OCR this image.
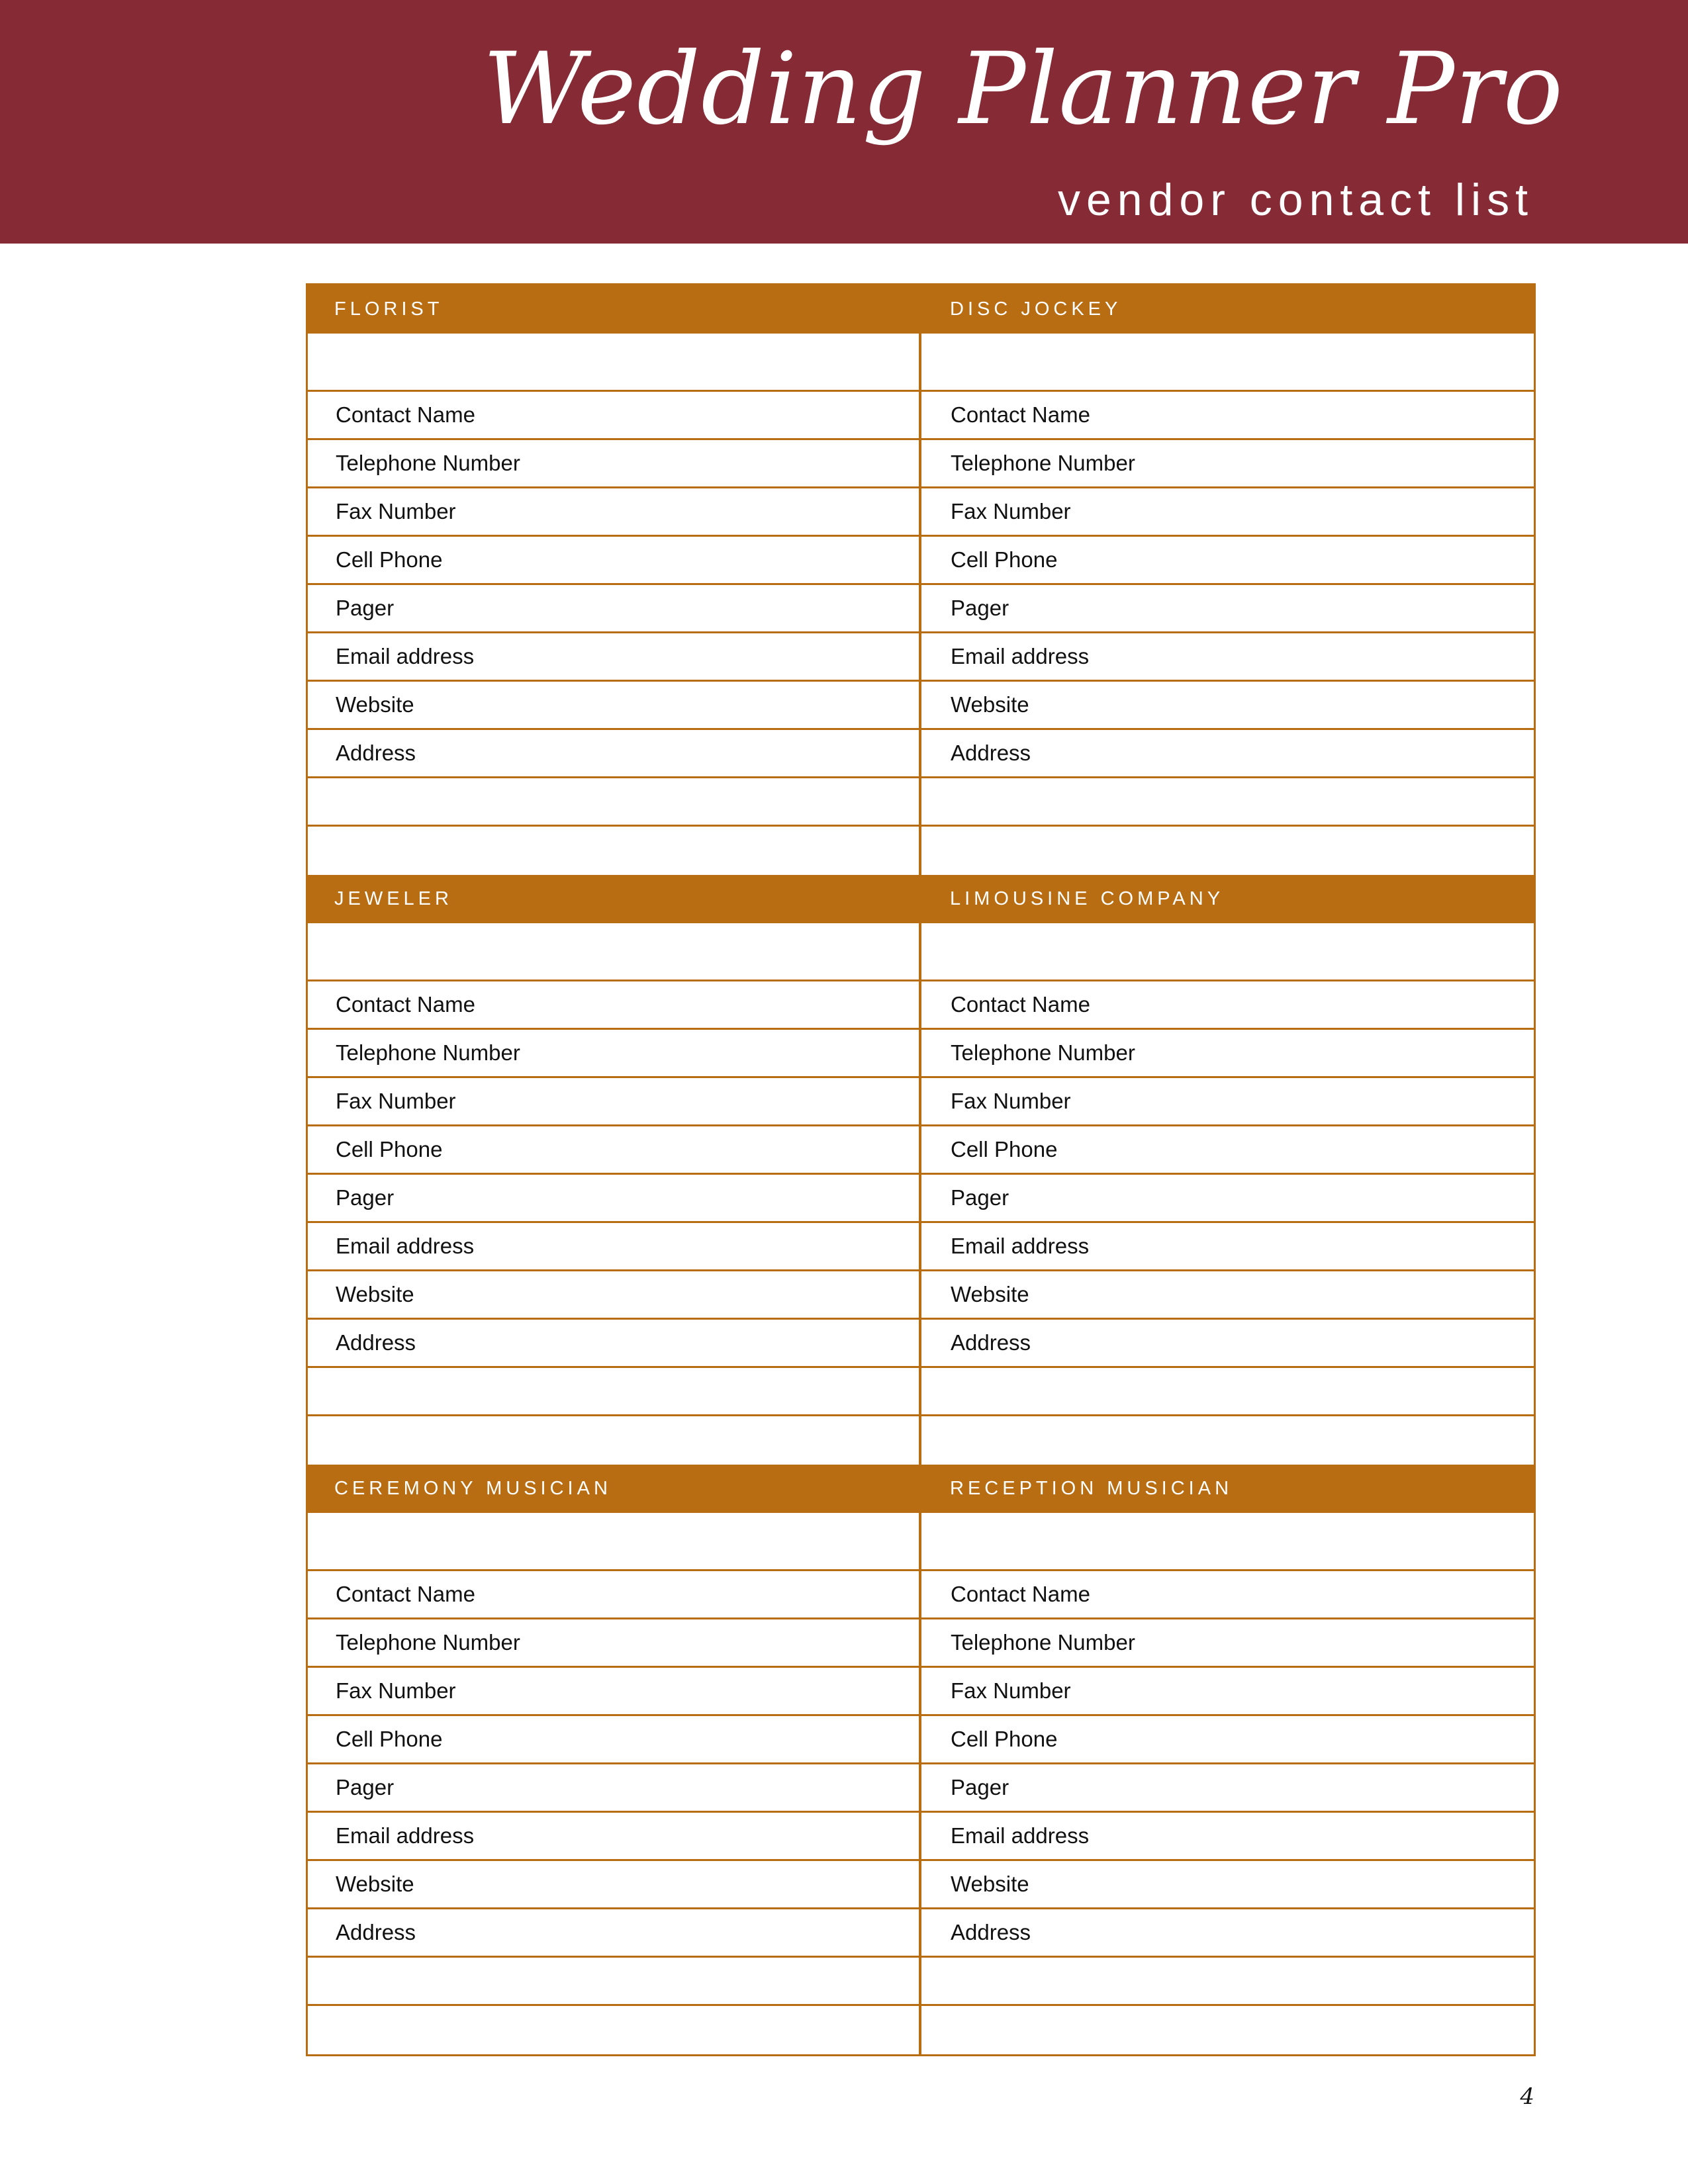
Wedding Planner Pro
vendor contact list
FLORIST	DISC JOCKEY
Contact Name	Contact Name
Telephone Number	Telephone Number
Fax Number	Fax Number
Cell Phone	Cell Phone
Pager	Pager
Email address	Email address
Website	Website
Address	Address
JEWELER	LIMOUSINE COMPANY
Contact Name	Contact Name
Telephone Number	Telephone Number
Fax Number	Fax Number
Cell Phone	Cell Phone
Pager	Pager
Email address	Email address
Website	Website
Address	Address
CEREMONY MUSICIAN	RECEPTION MUSICIAN
Contact Name	Contact Name
Telephone Number	Telephone Number
Fax Number	Fax Number
Cell Phone	Cell Phone
Pager	Pager
Email address	Email address
Website	Website
Address	Address
4
